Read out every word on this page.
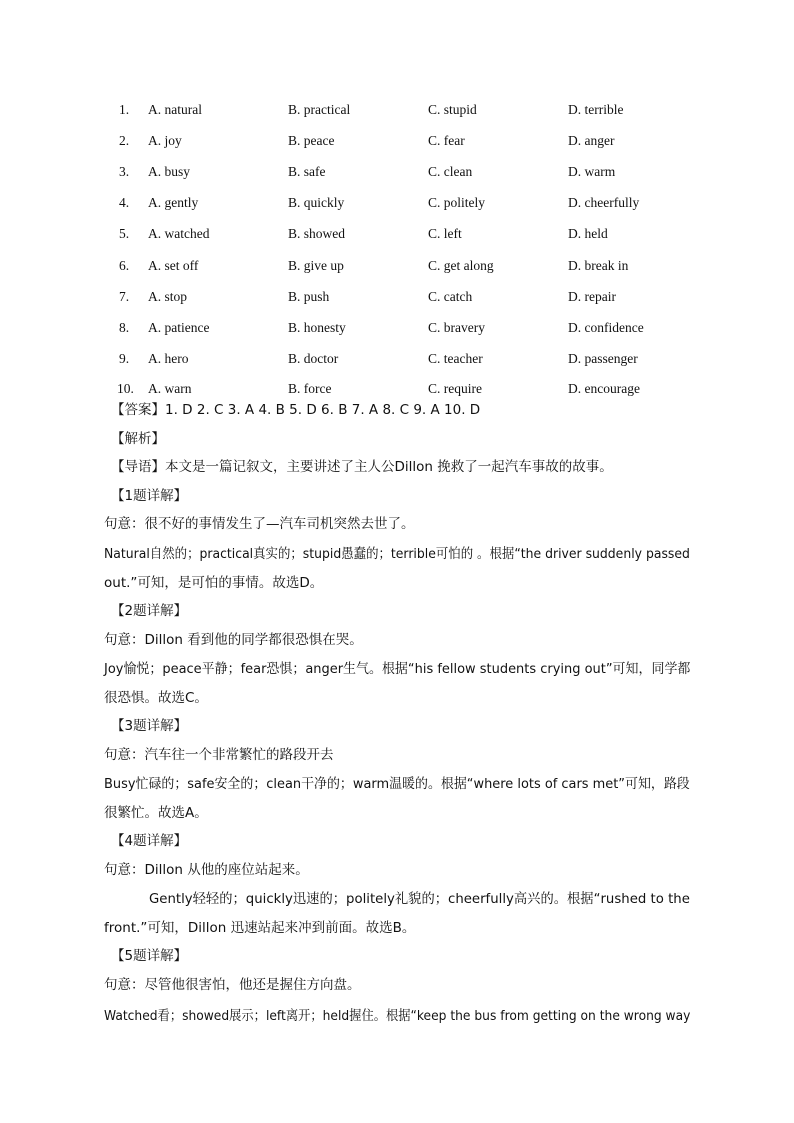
1. A. natural	B. practical	C. stupid	D. terrible
2. A. joy	B. peace	C. fear	D. anger
3. A. busy	B. safe	C. clean	D. warm
4. A. gently	B. quickly	C. politely	D. cheerfully
5. A. watched	B. showed	C. left	D. held
6. A. set off	B. give up	C. get along	D. break in
7. A. stop	B. push	C. catch	D. repair
8. A. patience	B. honesty	C. bravery	D. confidence
9. A. hero	B. doctor	C. teacher	D. passenger
10. A. warn	B. force	C. require	D. encourage
【答案】1. D 2. C 3. A 4. B 5. D 6. B 7. A 8. C 9. A 10. D
【解析】
【导语】本文是一篇记叙文，主要讲述了主人公Dillon 挽救了一起汽车事故的故事。
【1题详解】
句意：很不好的事情发生了—汽车司机突然去世了。
Natural自然的；practical真实的；stupid愚蠢的；terrible可怕的 。根据“the driver suddenly passed
out.”可知，是可怕的事情。故选D。
【2题详解】
句意：Dillon 看到他的同学都很恐惧在哭。
Joy愉悦；peace平静；fear恐惧；anger生气。根据“his fellow students crying out”可知，同学都
很恐惧。故选C。
【3题详解】
句意：汽车往一个非常繁忙的路段开去
Busy忙碌的；safe安全的；clean干净的；warm温暖的。根据“where lots of cars met”可知，路段
很繁忙。故选A。
【4题详解】
句意：Dillon 从他的座位站起来。
Gently轻轻的；quickly迅速的；politely礼貌的；cheerfully高兴的。根据“rushed to the
front.”可知，Dillon 迅速站起来冲到前面。故选B。
【5题详解】
句意：尽管他很害怕，他还是握住方向盘。
Watched看；showed展示；left离开；held握住。根据“keep the bus from getting on the wrong way
